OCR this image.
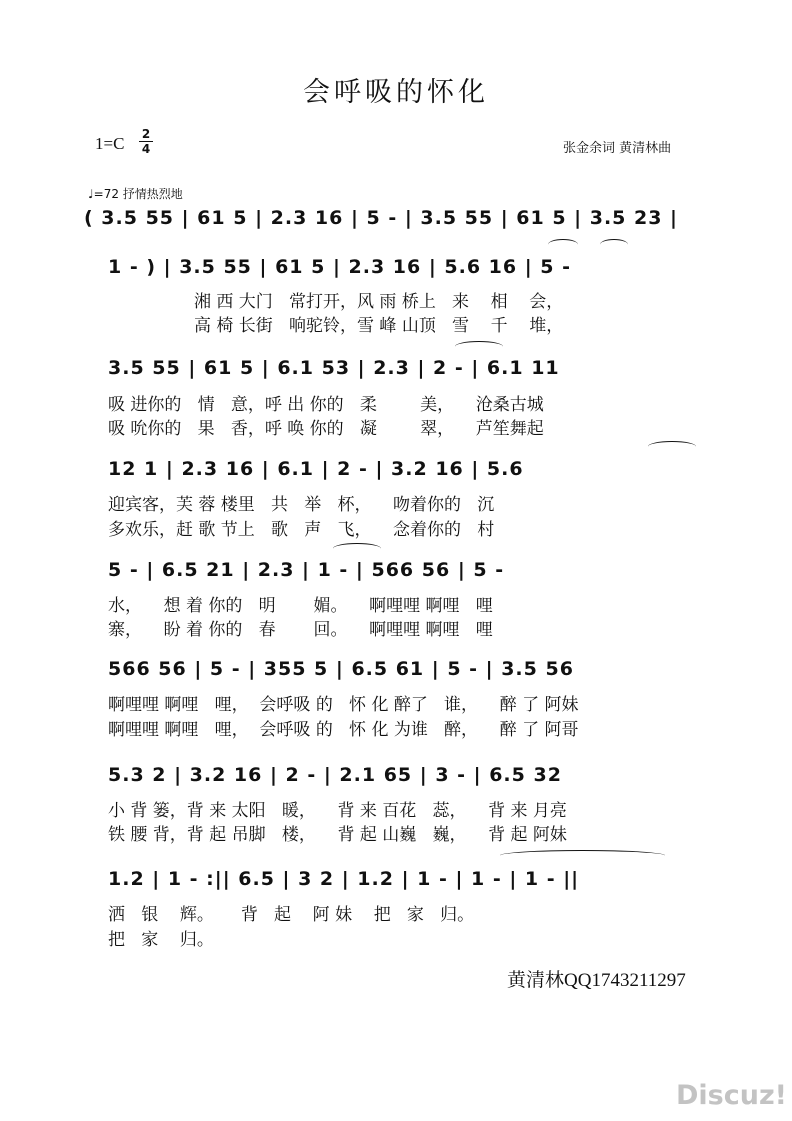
会呼吸的怀化
1=C 2
4	张金余词 黄清林曲
♩=72 抒情热烈地
( 3.5 55 | 61 5 | 2.3 16 | 5 - | 3.5 55 | 61 5 | 3.5 23 |
1 - ) | 3.5 55 | 61 5 | 2.3 16 | 5.6 16 | 5 -
湘 西 大门   常打开，风 雨 桥上   来    相    会，
高 椅 长街   响驼铃，雪 峰 山顶   雪    千    堆，
3.5 55 | 61 5 | 6.1 53 | 2.3 | 2 - | 6.1 11
吸 进你的   情   意，呼 出 你的   柔        美，    沧桑古城
吸 吮你的   果   香，呼 唤 你的   凝        翠，    芦笙舞起
12 1 | 2.3 16 | 6.1 | 2 - | 3.2 16 | 5.6
迎宾客，芙 蓉 楼里   共   举   杯，    吻着你的   沉
多欢乐，赶 歌 节上   歌   声   飞，    念着你的   村
5 - | 6.5 21 | 2.3 | 1 - | 566 56 | 5 -
水，    想 着 你的   明       媚。    啊哩哩 啊哩   哩
寨，    盼 着 你的   春       回。    啊哩哩 啊哩   哩
566 56 | 5 - | 355 5 | 6.5 61 | 5 - | 3.5 56
啊哩哩 啊哩   哩，  会呼吸 的   怀 化 醉了   谁，    醉 了 阿妹
啊哩哩 啊哩   哩，  会呼吸 的   怀 化 为谁   醉，    醉 了 阿哥
5.3 2 | 3.2 16 | 2 - | 2.1 65 | 3 - | 6.5 32
小 背 篓，背 来 太阳   暖，    背 来 百花   蕊，    背 来 月亮
铁 腰 背，背 起 吊脚   楼，    背 起 山巍   巍，    背 起 阿妹
1.2 | 1 - :|| 6.5 | 3 2 | 1.2 | 1 - | 1 - | 1 - ||
洒   银    辉。     背   起    阿 妹    把   家   归。
把   家    归。
黄清林QQ1743211297
Discuz!
